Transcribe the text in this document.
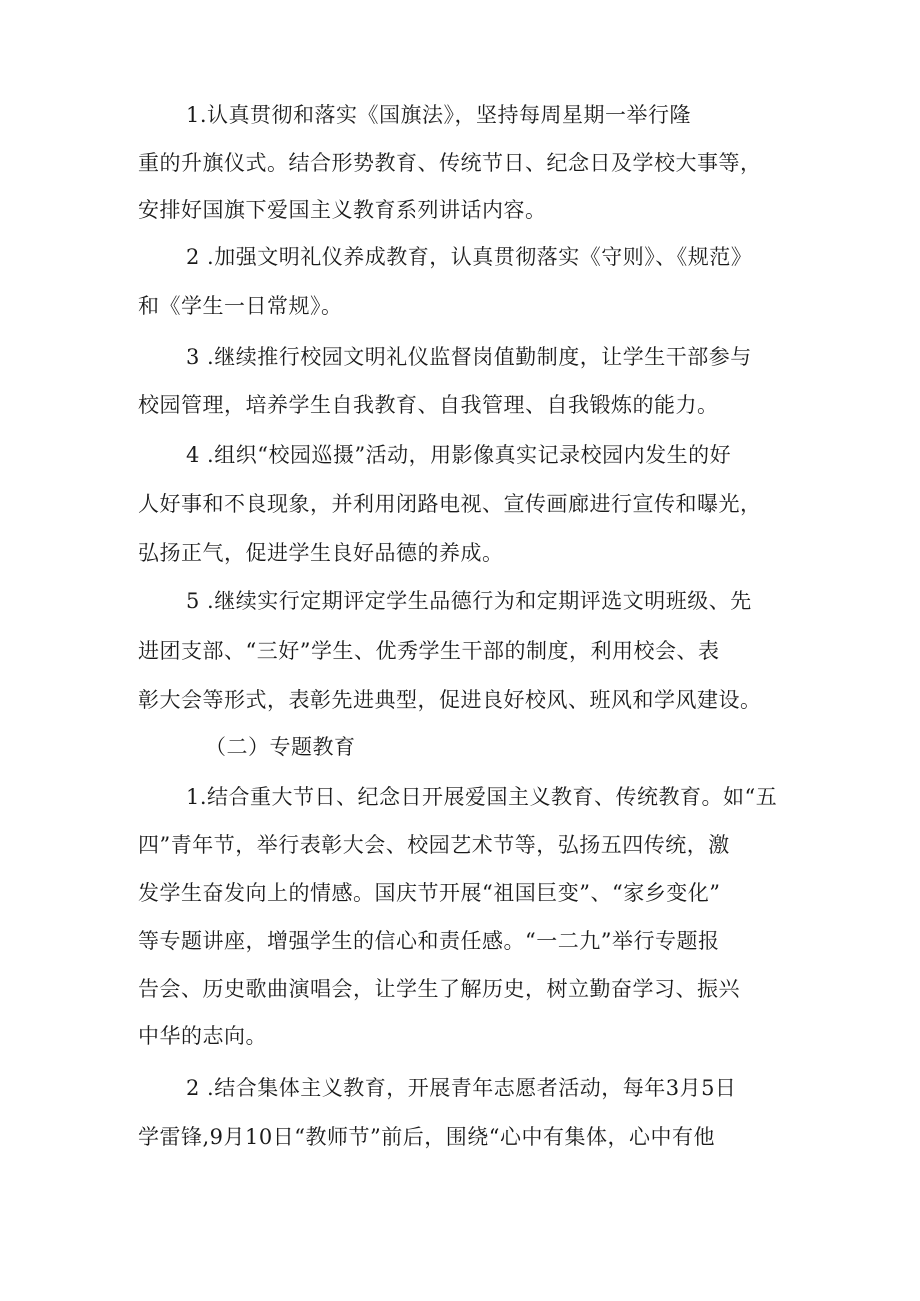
1.认真贯彻和落实《国旗法》，坚持每周星期一举行隆
重的升旗仪式。结合形势教育、传统节日、纪念日及学校大事等，
安排好国旗下爱国主义教育系列讲话内容。
2 .加强文明礼仪养成教育，认真贯彻落实《守则》、《规范》
和《学生一日常规》。
3 .继续推行校园文明礼仪监督岗值勤制度，让学生干部参与
校园管理，培养学生自我教育、自我管理、自我锻炼的能力。
4 .组织“校园巡摄”活动，用影像真实记录校园内发生的好
人好事和不良现象，并利用闭路电视、宣传画廊进行宣传和曝光，
弘扬正气，促进学生良好品德的养成。
5 .继续实行定期评定学生品德行为和定期评选文明班级、先
进团支部、“三好”学生、优秀学生干部的制度，利用校会、表
彰大会等形式，表彰先进典型，促进良好校风、班风和学风建设。
（二）专题教育
1.结合重大节日、纪念日开展爱国主义教育、传统教育。如“五
四”青年节，举行表彰大会、校园艺术节等，弘扬五四传统，激
发学生奋发向上的情感。国庆节开展“祖国巨变”、“家乡变化”
等专题讲座，增强学生的信心和责任感。“一二九”举行专题报
告会、历史歌曲演唱会，让学生了解历史，树立勤奋学习、振兴
中华的志向。
2 .结合集体主义教育，开展青年志愿者活动，每年3月5日
学雷锋,9月10日“教师节”前后，围绕“心中有集体，心中有他
